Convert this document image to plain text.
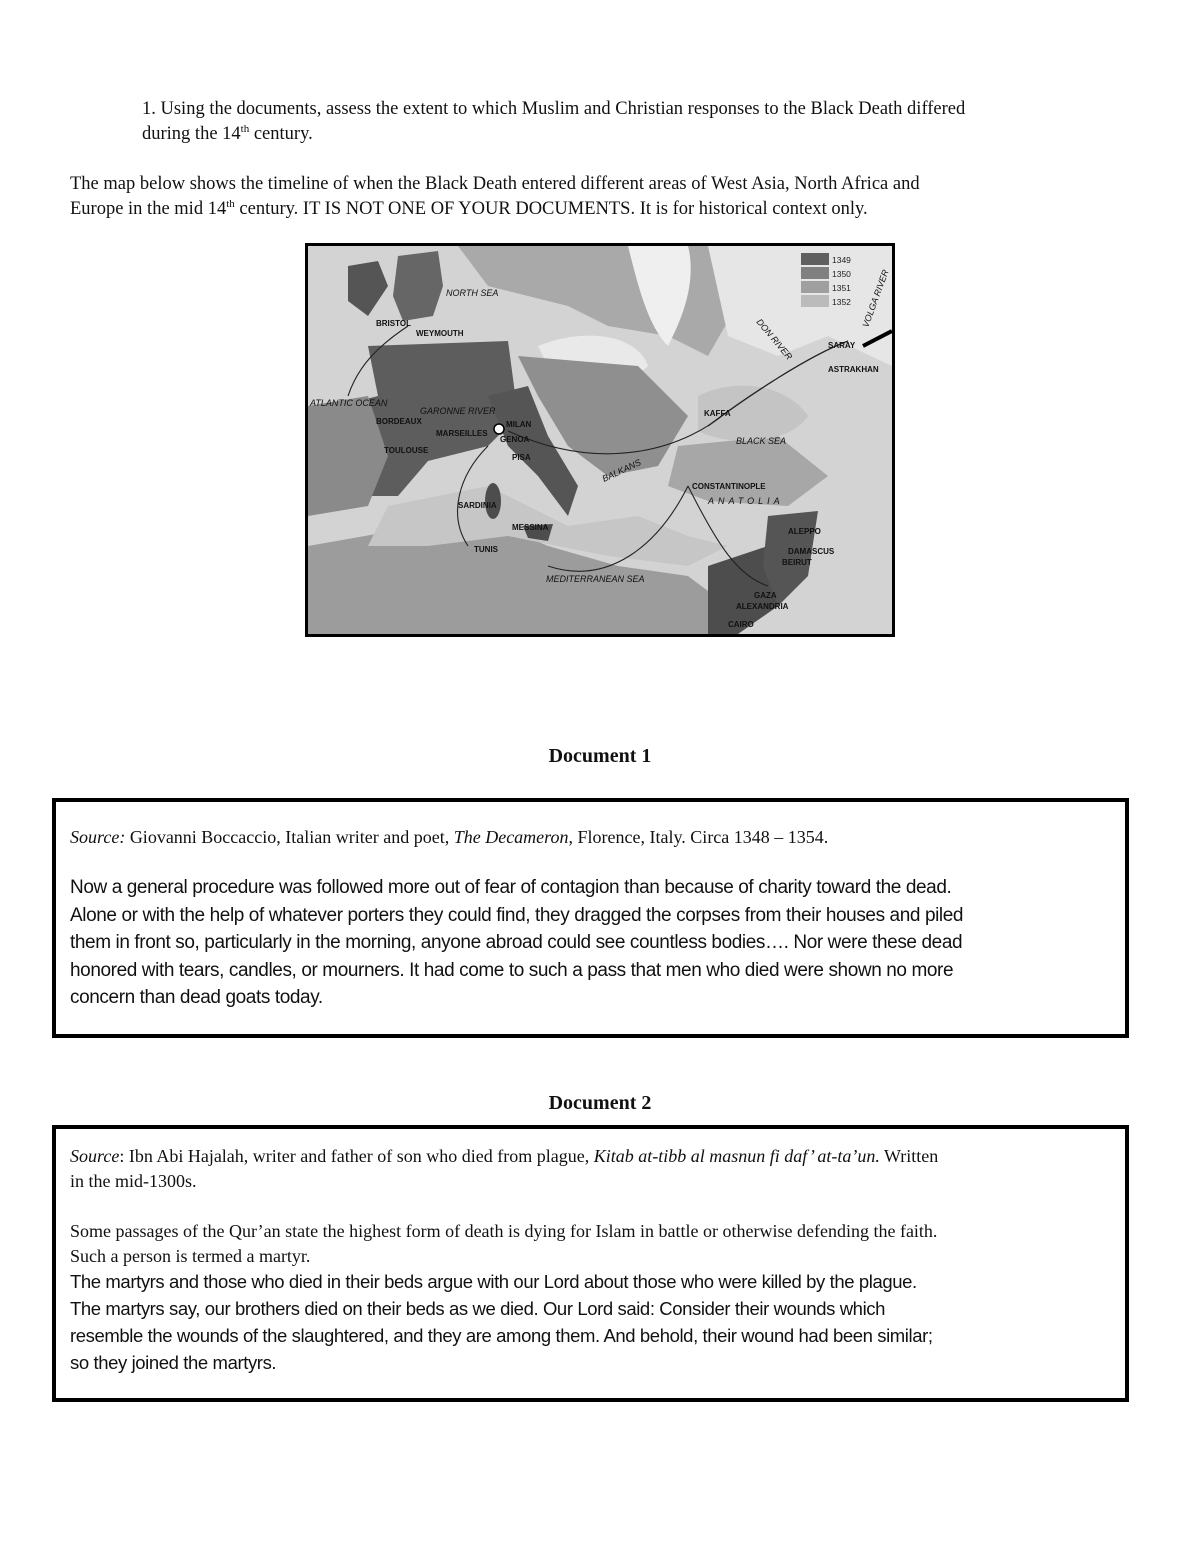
1. Using the documents, assess the extent to which Muslim and Christian responses to the Black Death differed
during the 14th century.
The map below shows the timeline of when the Black Death entered different areas of West Asia, North Africa and
Europe in the mid 14th century. IT IS NOT ONE OF YOUR DOCUMENTS. It is for historical context only.
1349
1350
1351
1352
NORTH SEA
ATLANTIC OCEAN
BLACK SEA
MEDITERRANEAN SEA
GARONNE RIVER
DON RIVER
VOLGA RIVER
BALKANS
ANATOLIA
BRISTOL
WEYMOUTH
BORDEAUX
TOULOUSE
MARSEILLES
MILAN
GENOA
PISA
SARDINIA
TUNIS
MESSINA
KAFFA
SARAY
ASTRAKHAN
CONSTANTINOPLE
ALEPPO
DAMASCUS
BEIRUT
GAZA
ALEXANDRIA
CAIRO
Document 1
Source: Giovanni Boccaccio, Italian writer and poet, The Decameron, Florence, Italy. Circa 1348 – 1354.
Now a general procedure was followed more out of fear of contagion than because of charity toward the dead.
Alone or with the help of whatever porters they could find, they dragged the corpses from their houses and piled
them in front so, particularly in the morning, anyone abroad could see countless bodies…. Nor were these dead
honored with tears, candles, or mourners. It had come to such a pass that men who died were shown no more
concern than dead goats today.
Document 2
Source: Ibn Abi Hajalah, writer and father of son who died from plague, Kitab at-tibb al masnun fi daf’ at-ta’un. Written
in the mid-1300s.
Some passages of the Qur’an state the highest form of death is dying for Islam in battle or otherwise defending the faith.
Such a person is termed a martyr.
The martyrs and those who died in their beds argue with our Lord about those who were killed by the plague.
The martyrs say, our brothers died on their beds as we died. Our Lord said: Consider their wounds which
resemble the wounds of the slaughtered, and they are among them. And behold, their wound had been similar;
so they joined the martyrs.
